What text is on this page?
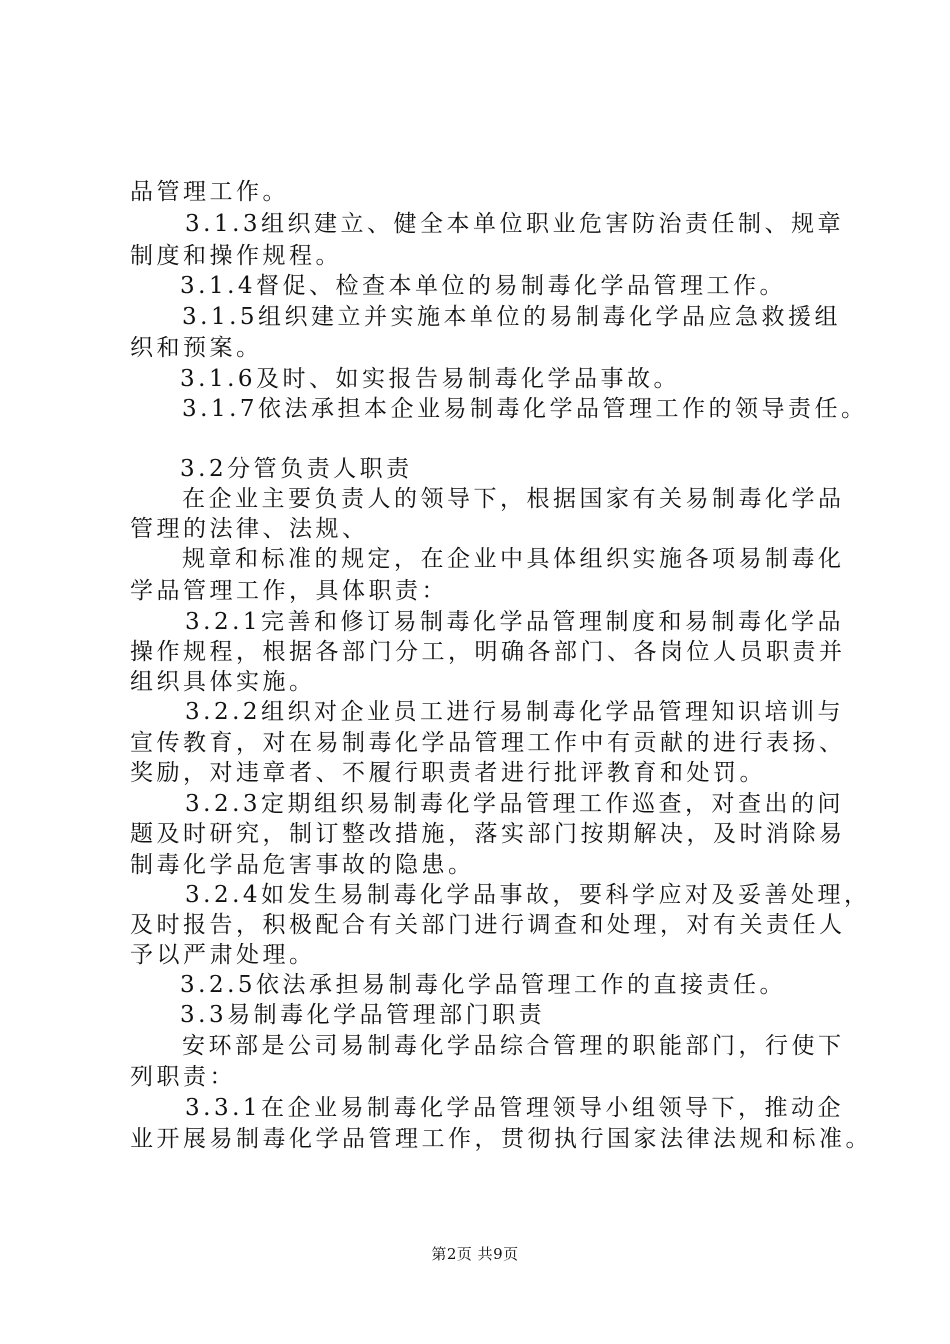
品管理工作。
3.1.3组织建立、健全本单位职业危害防治责任制、规章
制度和操作规程。
3.1.4督促、检查本单位的易制毒化学品管理工作。
3.1.5组织建立并实施本单位的易制毒化学品应急救援组
织和预案。
3.1.6及时、如实报告易制毒化学品事故。
3.1.7依法承担本企业易制毒化学品管理工作的领导责任。
3.2分管负责人职责
在企业主要负责人的领导下，根据国家有关易制毒化学品
管理的法律、法规、
规章和标准的规定，在企业中具体组织实施各项易制毒化
学品管理工作，具体职责：
3.2.1完善和修订易制毒化学品管理制度和易制毒化学品
操作规程，根据各部门分工，明确各部门、各岗位人员职责并
组织具体实施。
3.2.2组织对企业员工进行易制毒化学品管理知识培训与
宣传教育，对在易制毒化学品管理工作中有贡献的进行表扬、
奖励，对违章者、不履行职责者进行批评教育和处罚。
3.2.3定期组织易制毒化学品管理工作巡查，对查出的问
题及时研究，制订整改措施，落实部门按期解决，及时消除易
制毒化学品危害事故的隐患。
3.2.4如发生易制毒化学品事故，要科学应对及妥善处理，
及时报告，积极配合有关部门进行调查和处理，对有关责任人
予以严肃处理。
3.2.5依法承担易制毒化学品管理工作的直接责任。
3.3易制毒化学品管理部门职责
安环部是公司易制毒化学品综合管理的职能部门，行使下
列职责：
3.3.1在企业易制毒化学品管理领导小组领导下，推动企
业开展易制毒化学品管理工作，贯彻执行国家法律法规和标准。
第2页 共9页
